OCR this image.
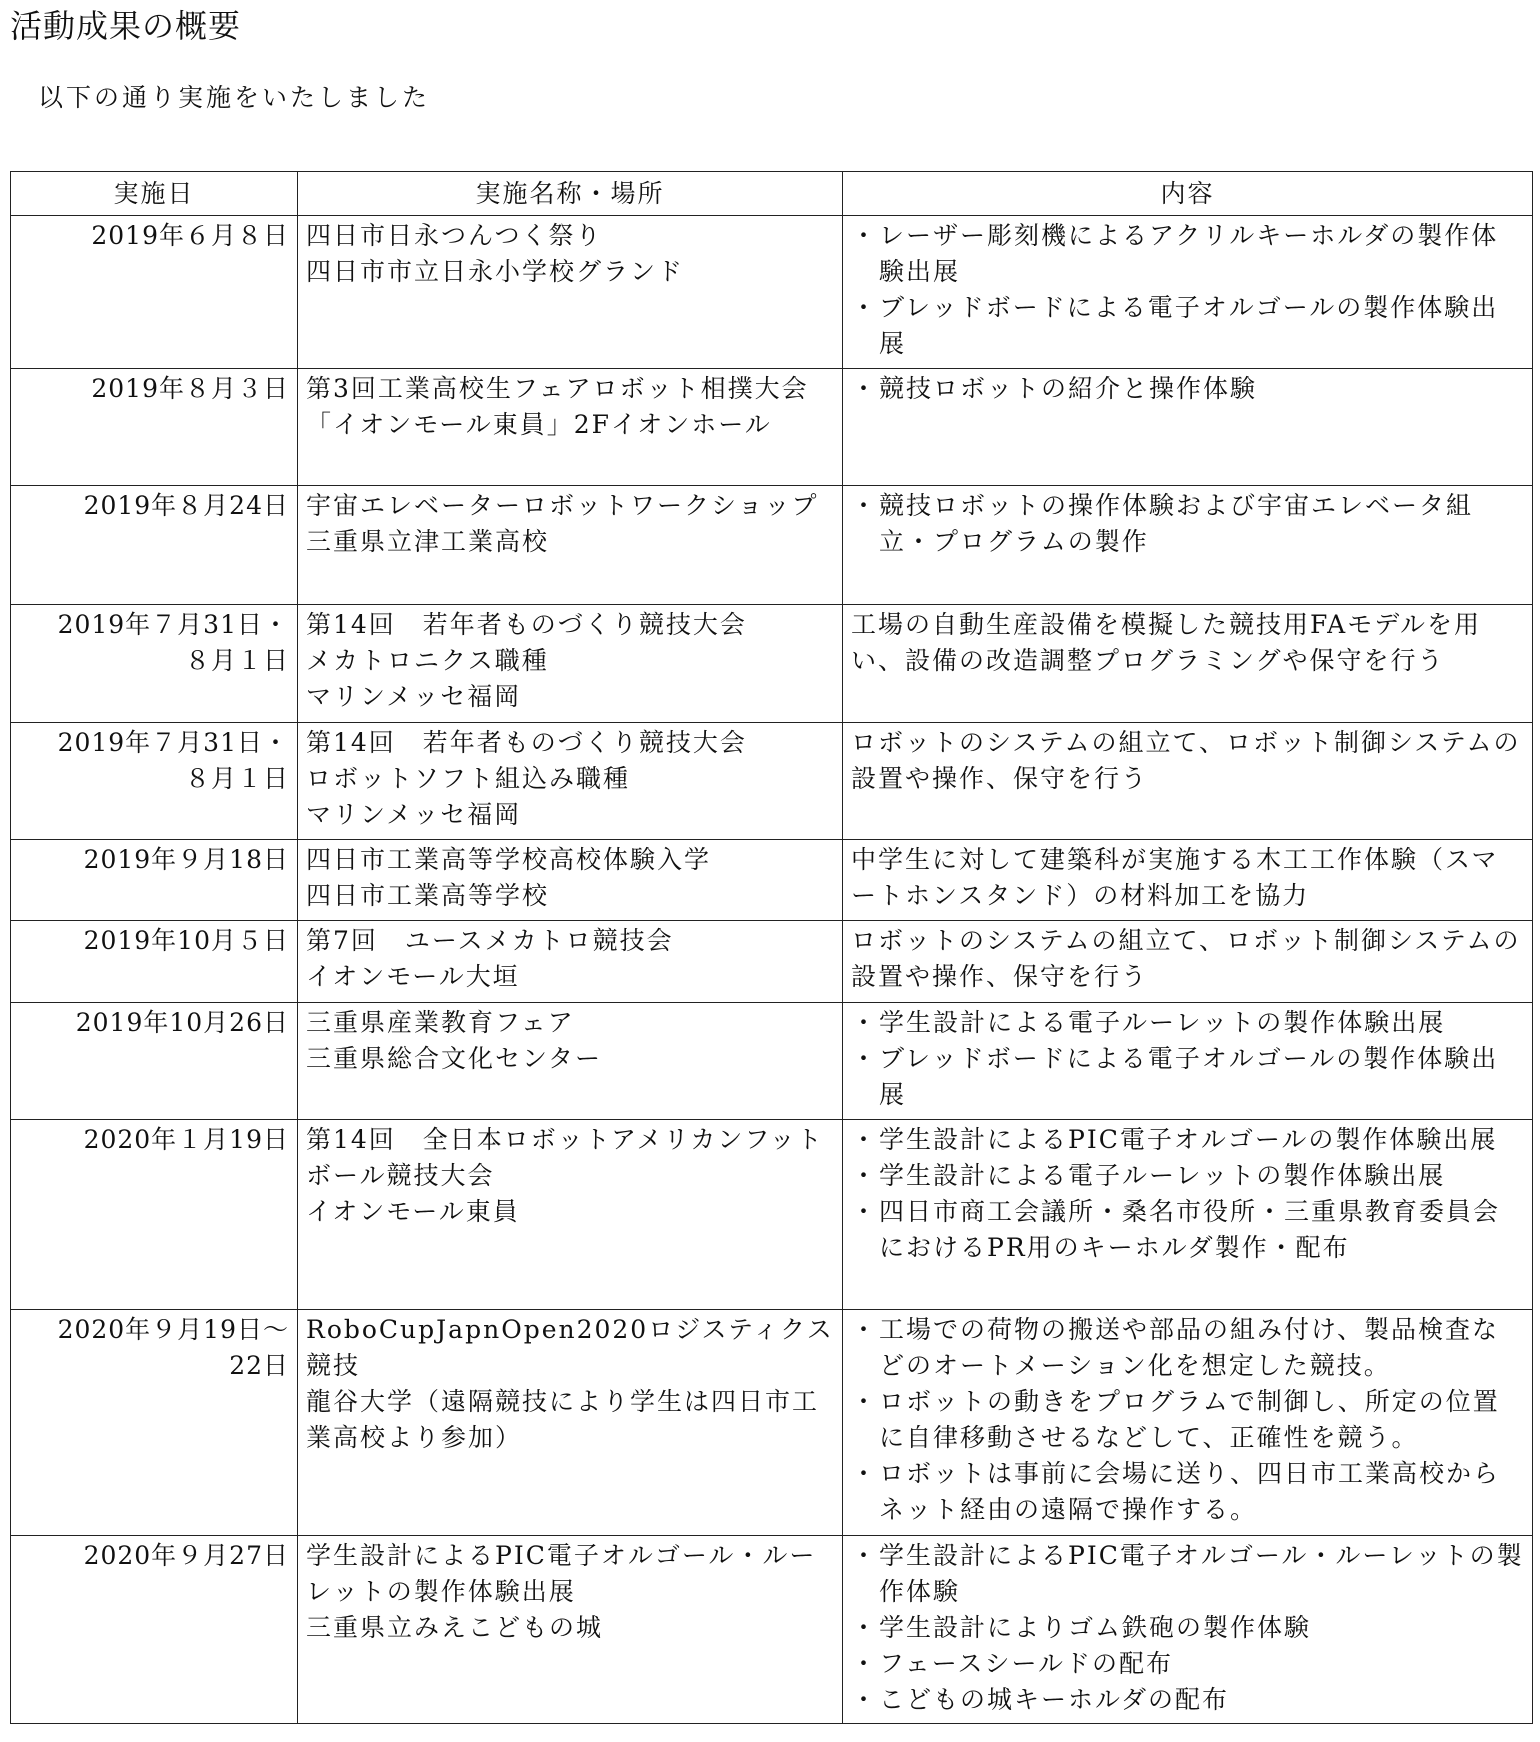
活動成果の概要

以下の通り実施をいたしました

実施日	実施名称・場所	内容

2019年６月８日	四日市日永つんつく祭り
四日市市立日永小学校グランド	・ レーザー彫刻機によるアクリルキーホルダの製作体験出展
・ ブレッドボードによる電子オルゴールの製作体験出展

2019年８月３日	第3回工業高校生フェアロボット相撲大会
「イオンモール東員」2Fイオンホール	・ 競技ロボットの紹介と操作体験

2019年８月24日	宇宙エレベーターロボットワークショップ
三重県立津工業高校	・ 競技ロボットの操作体験および宇宙エレベータ組立・プログラムの製作

2019年７月31日・
８月１日	第14回　若年者ものづくり競技大会
メカトロニクス職種
マリンメッセ福岡	工場の自動生産設備を模擬した競技用FAモデルを用い、設備の改造調整プログラミングや保守を行う

2019年７月31日・
８月１日	第14回　若年者ものづくり競技大会
ロボットソフト組込み職種
マリンメッセ福岡	ロボットのシステムの組立て、ロボット制御システムの設置や操作、保守を行う

2019年９月18日	四日市工業高等学校高校体験入学
四日市工業高等学校	中学生に対して建築科が実施する木工工作体験（スマートホンスタンド）の材料加工を協力

2019年10月５日	第7回　ユースメカトロ競技会
イオンモール大垣	ロボットのシステムの組立て、ロボット制御システムの設置や操作、保守を行う

2019年10月26日	三重県産業教育フェア
三重県総合文化センター	・ 学生設計による電子ルーレットの製作体験出展
・ ブレッドボードによる電子オルゴールの製作体験出展

2020年１月19日	第14回　全日本ロボットアメリカンフットボール競技大会
イオンモール東員	・ 学生設計によるPIC電子オルゴールの製作体験出展
・ 学生設計による電子ルーレットの製作体験出展
・ 四日市商工会議所・桑名市役所・三重県教育委員会におけるPR用のキーホルダ製作・配布

2020年９月19日～
22日	RoboCupJapnOpen2020ロジスティクス競技
龍谷大学（遠隔競技により学生は四日市工業高校より参加）	・ 工場での荷物の搬送や部品の組み付け、製品検査などのオートメーション化を想定した競技。
・ ロボットの動きをプログラムで制御し、所定の位置に自律移動させるなどして、正確性を競う。
・ ロボットは事前に会場に送り、四日市工業高校からネット経由の遠隔で操作する。

2020年９月27日	学生設計によるPIC電子オルゴール・ルーレットの製作体験出展
三重県立みえこどもの城	・ 学生設計によるPIC電子オルゴール・ルーレットの製作体験
・ 学生設計によりゴム鉄砲の製作体験
・ フェースシールドの配布
・ こどもの城キーホルダの配布
